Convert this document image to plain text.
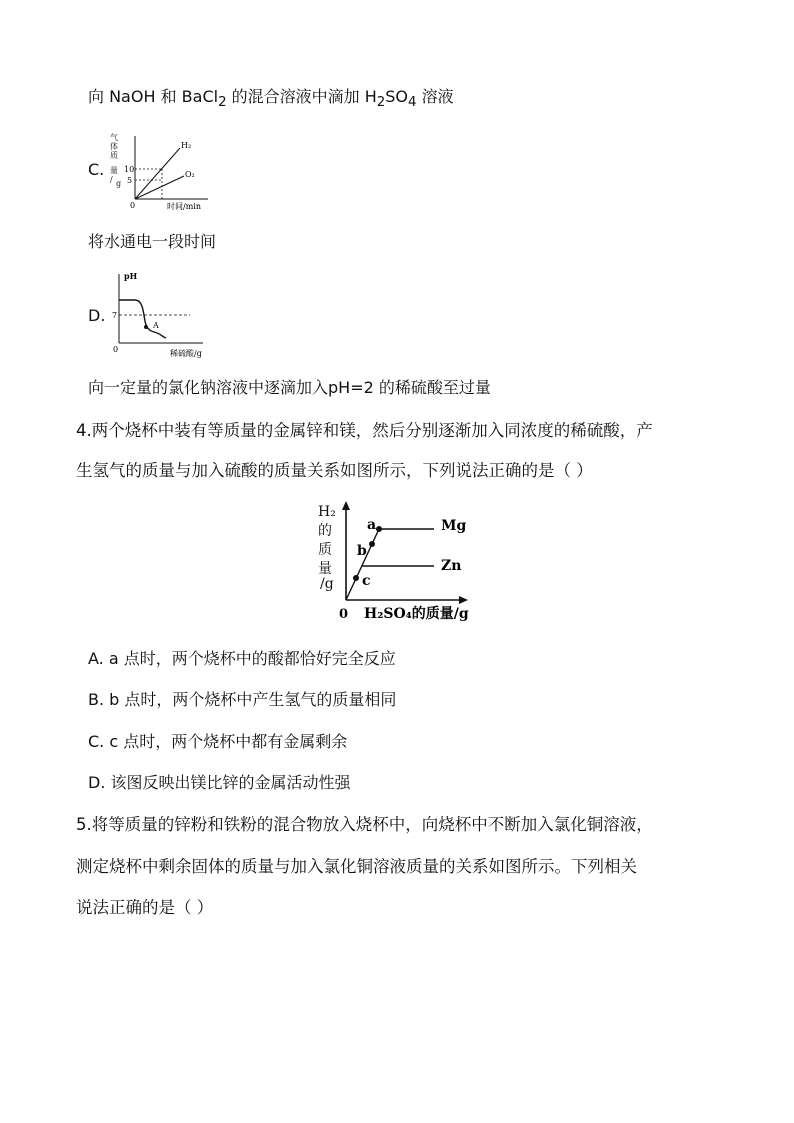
向 NaOH 和 BaCl$_2$ 的混合溶液中滴加 $H_2SO_4$ 溶液
C.
气
体
质
量
/ g
10
5
H₂
O₂
0	时间/min
将水通电一段时间
D.
pH
7
A
0	稀硫酸/g
向一定量的氯化钠溶液中逐滴加入pH=2 的稀硫酸至过量
4.两个烧杯中装有等质量的金属锌和镁，然后分别逐渐加入同浓度的稀硫酸，产
生氢气的质量与加入硫酸的质量关系如图所示，下列说法正确的是（ ）
H₂
的
质
量
/g
a
b
c
Mg
Zn
0 H₂SO₄的质量/g
A. a 点时，两个烧杯中的酸都恰好完全反应
B. b 点时，两个烧杯中产生氢气的质量相同
C. c 点时，两个烧杯中都有金属剩余
D. 该图反映出镁比锌的金属活动性强
5.将等质量的锌粉和铁粉的混合物放入烧杯中，向烧杯中不断加入氯化铜溶液，
测定烧杯中剩余固体的质量与加入氯化铜溶液质量的关系如图所示。下列相关
说法正确的是（ ）
